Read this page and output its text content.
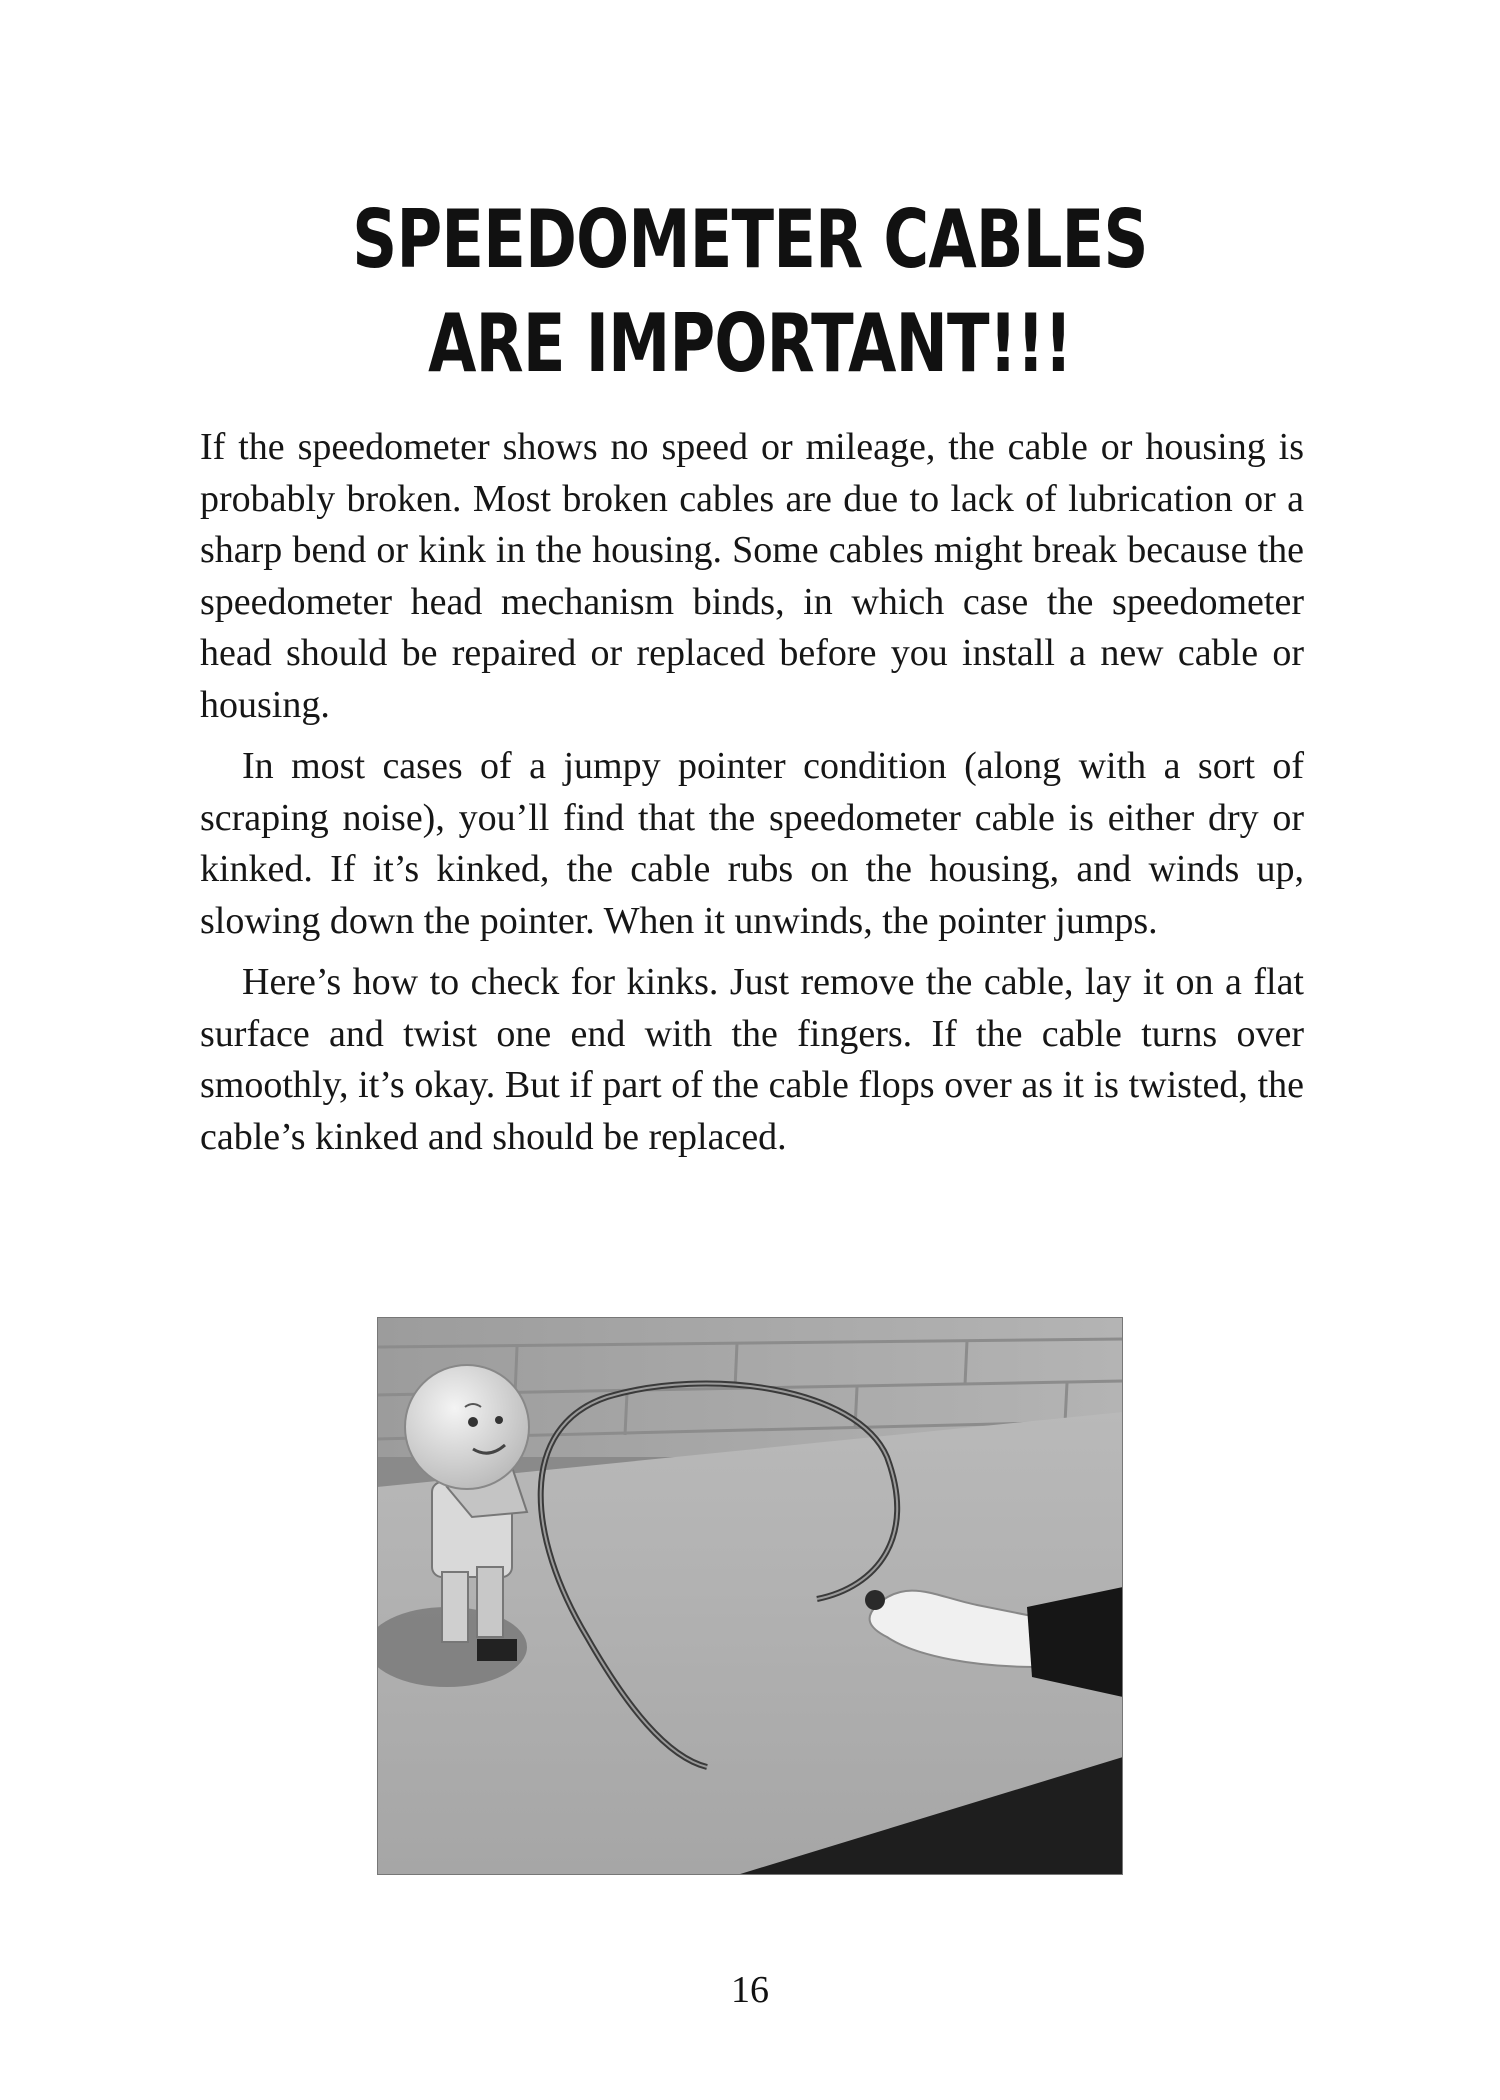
SPEEDOMETER CABLES
ARE IMPORTANT!!!

If the speedometer shows no speed or mileage, the cable or housing is probably broken. Most broken cables are due to lack of lubrication or a sharp bend or kink in the housing. Some cables might break because the speedometer head mechanism binds, in which case the speedometer head should be repaired or replaced before you install a new cable or housing.

In most cases of a jumpy pointer condition (along with a sort of scraping noise), you’ll find that the speedometer cable is either dry or kinked. If it’s kinked, the cable rubs on the housing, and winds up, slowing down the pointer. When it unwinds, the pointer jumps.

Here’s how to check for kinks. Just remove the cable, lay it on a flat surface and twist one end with the fingers. If the cable turns over smoothly, it’s okay. But if part of the cable flops over as it is twisted, the cable’s kinked and should be replaced.

16
